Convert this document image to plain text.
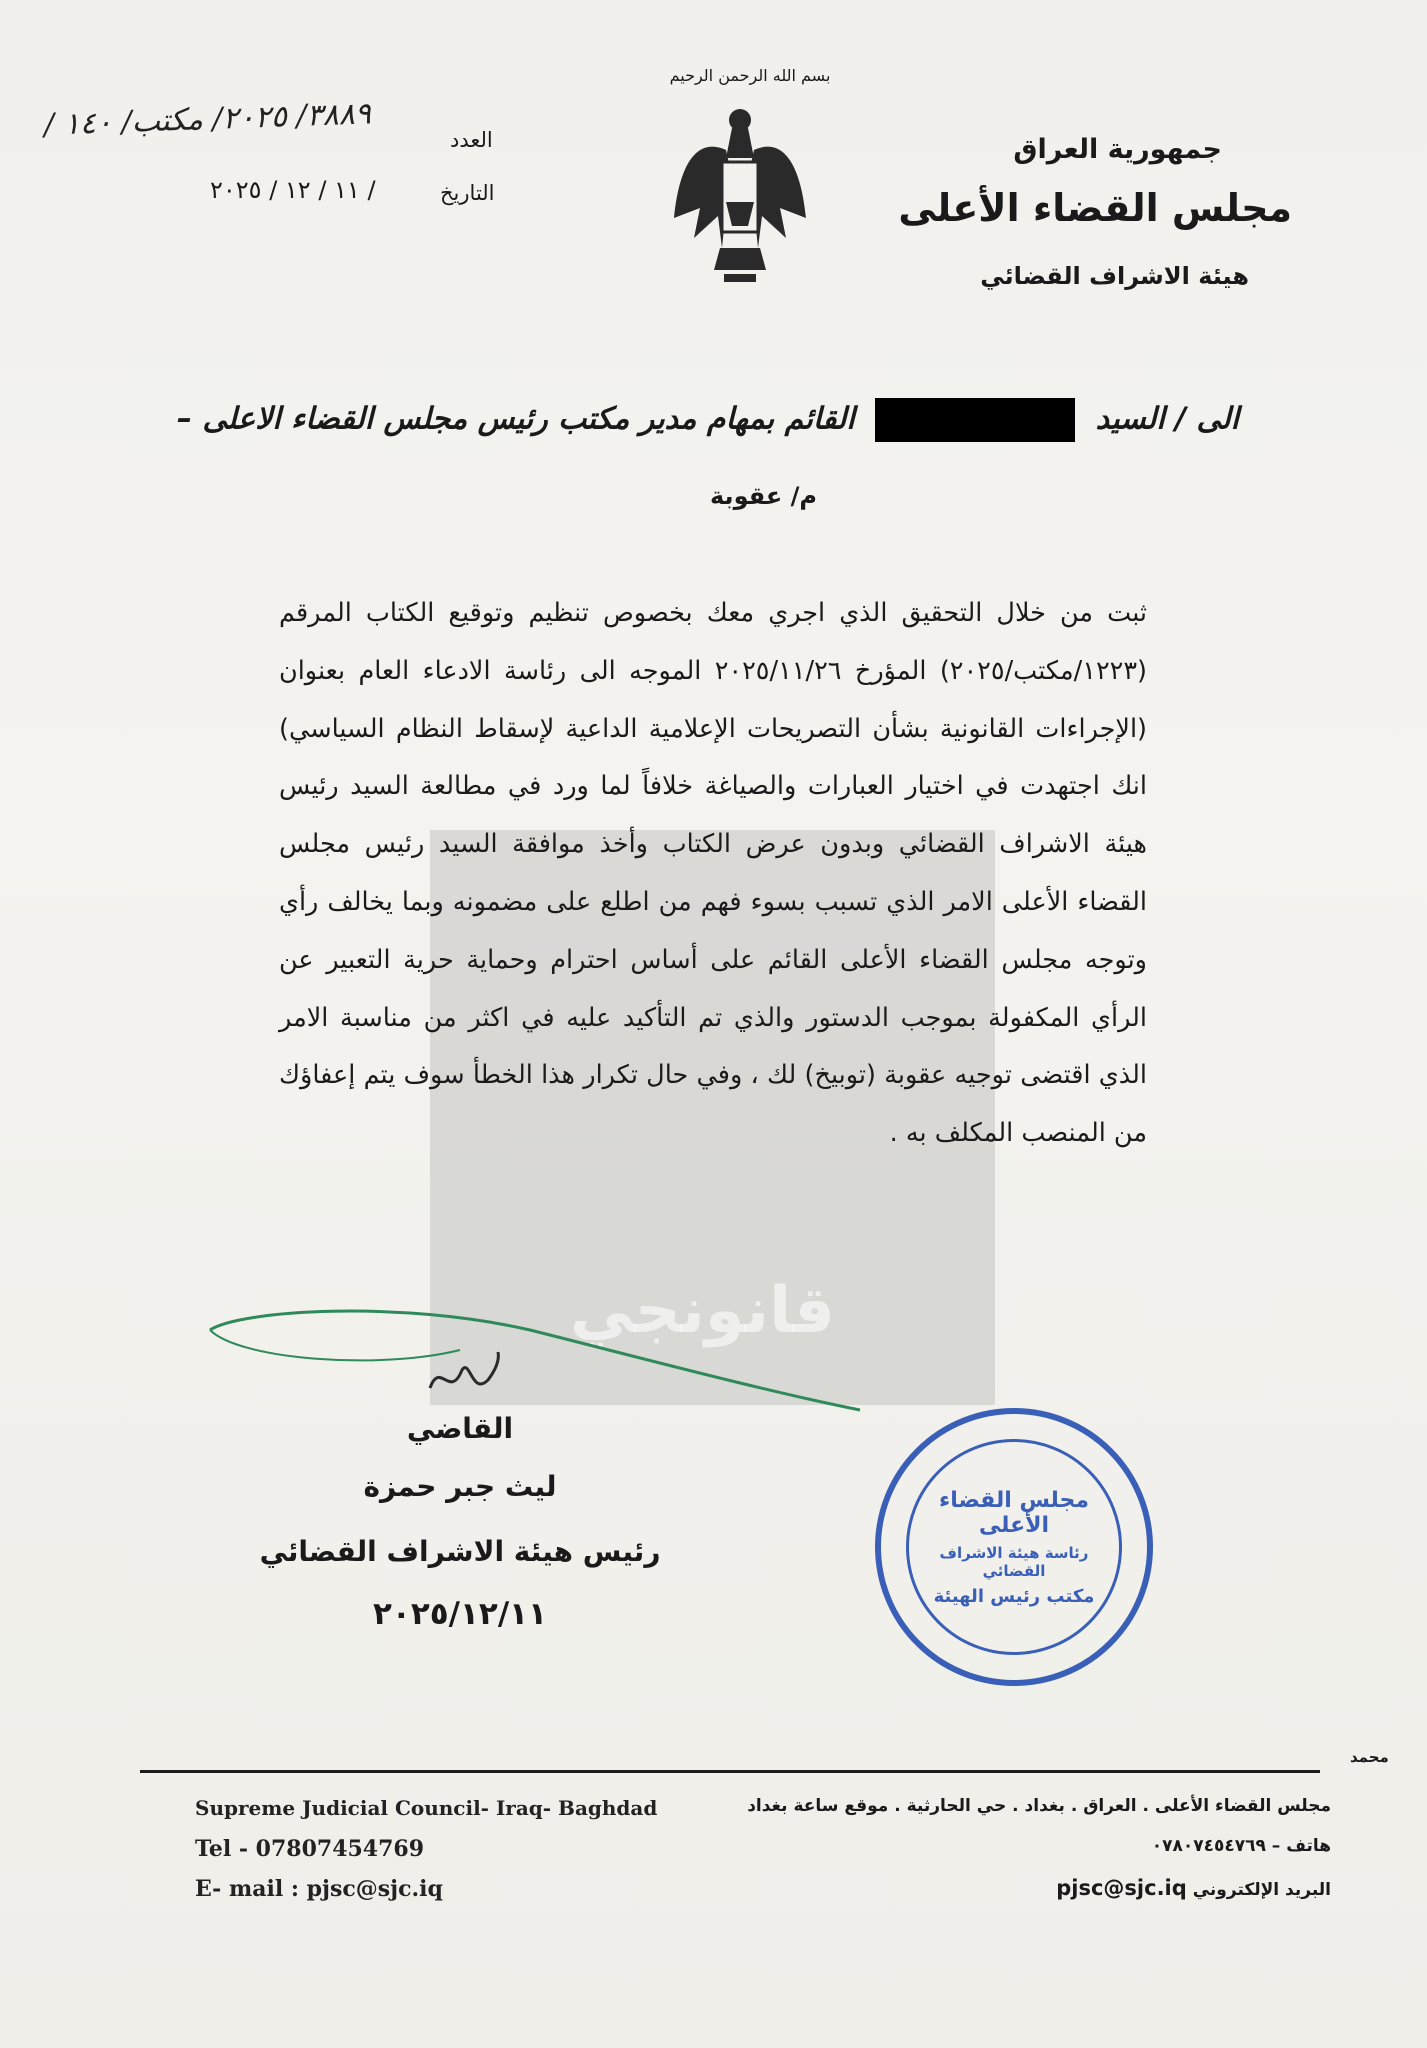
بسم الله الرحمن الرحيم
جمهورية العراق
مجلس القضاء الأعلى
هيئة الاشراف القضائي
العدد
٣٨٨٩/ ٢٠٢٥/ مكتب/ ١٤٠ /
التاريخ
/ ١١ / ١٢ / ٢٠٢٥
الى / السيد  القائم بمهام مدير مكتب رئيس مجلس القضاء الاعلى –
م/ عقوبة
قانونجي
ثبت من خلال التحقيق الذي اجري معك بخصوص تنظيم وتوقيع الكتاب المرقم (١٢٢٣/مكتب/٢٠٢٥) المؤرخ ٢٠٢٥/١١/٢٦ الموجه الى رئاسة الادعاء العام بعنوان (الإجراءات القانونية بشأن التصريحات الإعلامية الداعية لإسقاط النظام السياسي) انك اجتهدت في اختيار العبارات والصياغة خلافاً لما ورد في مطالعة السيد رئيس هيئة الاشراف القضائي وبدون عرض الكتاب وأخذ موافقة السيد رئيس مجلس القضاء الأعلى الامر الذي تسبب بسوء فهم من اطلع على مضمونه وبما يخالف رأي وتوجه مجلس القضاء الأعلى القائم على أساس احترام وحماية حرية التعبير عن الرأي المكفولة بموجب الدستور والذي تم التأكيد عليه في اكثر من مناسبة الامر الذي اقتضى توجيه عقوبة (توبيخ) لك ، وفي حال تكرار هذا الخطأ سوف يتم إعفاؤك من المنصب المكلف به .
القاضي
ليث جبر حمزة
رئيس هيئة الاشراف القضائي
٢٠٢٥/١٢/١١
مجلس القضاء الأعلى
رئاسة هيئة الاشراف القضائي
مكتب رئيس الهيئة
محمد
Supreme Judicial Council- Iraq- Baghdad
Tel - 07807454769
E- mail : pjsc@sjc.iq
مجلس القضاء الأعلى . العراق . بغداد . حي الحارثية . موقع ساعة بغداد
هاتف – ٠٧٨٠٧٤٥٤٧٦٩
البريد الإلكتروني pjsc@sjc.iq
